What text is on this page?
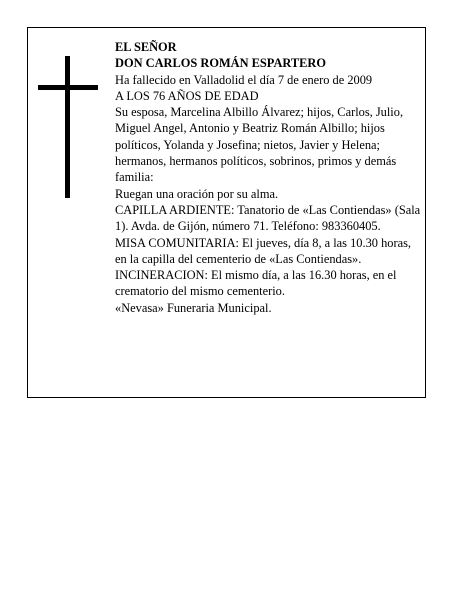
EL SEÑOR

DON CARLOS ROMÁN ESPARTERO

Ha fallecido en Valladolid el día 7 de enero de 2009

A LOS 76 AÑOS DE EDAD

Su esposa, Marcelina Albillo Álvarez; hijos, Carlos, Julio, Miguel Angel, Antonio y Beatriz Román Albillo; hijos políticos, Yolanda y Josefina; nietos, Javier y Helena; hermanos, hermanos políticos, sobrinos, primos y demás familia:

Ruegan una oración por su alma.

CAPILLA ARDIENTE: Tanatorio de «Las Contiendas» (Sala 1). Avda. de Gijón, número 71. Teléfono: 983360405.

MISA COMUNITARIA: El jueves, día 8, a las 10.30 horas, en la capilla del cementerio de «Las Contiendas».

INCINERACION: El mismo día, a las 16.30 horas, en el crematorio del mismo cementerio.

«Nevasa» Funeraria Municipal.
